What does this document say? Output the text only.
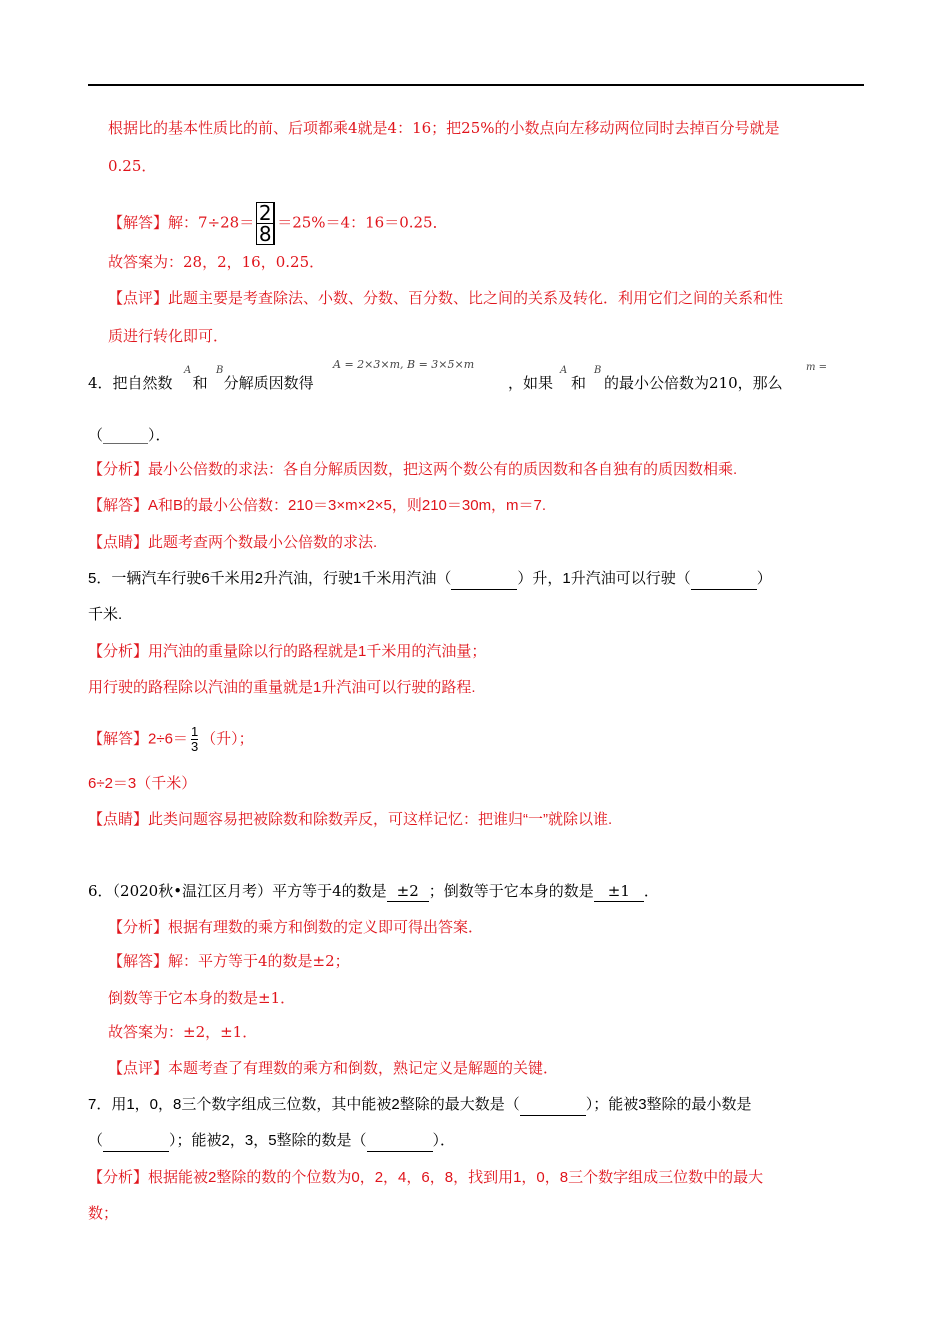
根据比的基本性质比的前、后项都乘4就是4：16；把25%的小数点向左移动两位同时去掉百分号就是
0.25．
【解答】解：$7\div 28= \frac{2}{8} =25\%=4$：16＝0.25．
故答案为：28，2，16，0.25．
【点评】此题主要是考查除法、小数、分数、百分数、比之间的关系及转化．利用它们之间的关系和性
质进行转化即可．
4．把自然数 和 分解质因数得
A B	A = 2×3×m, B = 3×5×m
，如果 和 的最小公倍数为210，那么
A	B	m =
（______）．
【分析】最小公倍数的求法：各自分解质因数，把这两个数公有的质因数和各自独有的质因数相乘.
【解答】A和B的最小公倍数：210＝3×m×2×5，则210＝30m，m＝7.
【点睛】此题考查两个数最小公倍数的求法.
5．一辆汽车行驶6千米用2升汽油，行驶1千米用汽油（	）升，1升汽油可以行驶（	）
千米.
【分析】用汽油的重量除以行的路程就是1千米用的汽油量；
用行驶的路程除以汽油的重量就是1升汽油可以行驶的路程.
【解答】$2\div 6= \frac{1}{3}$ （升）；
6÷2＝3（千米）
【点睛】此类问题容易把被除数和除数弄反，可这样记忆：把谁归“一”就除以谁.
6．（2020秋•温江区月考）平方等于4的数是 ±2 ；倒数等于它本身的数是 ±1 ．
【分析】根据有理数的乘方和倒数的定义即可得出答案．
【解答】解：平方等于4的数是±2；
倒数等于它本身的数是±1．
故答案为：±2，±1．
【点评】本题考查了有理数的乘方和倒数，熟记定义是解题的关键．
7．用1，0，8三个数字组成三位数，其中能被2整除的最大数是（	）；能被3整除的最小数是
（	）；能被2，3，5整除的数是（	）．
【分析】根据能被2整除的数的个位数为0，2，4，6，8，找到用1，0，8三个数字组成三位数中的最大
数；
